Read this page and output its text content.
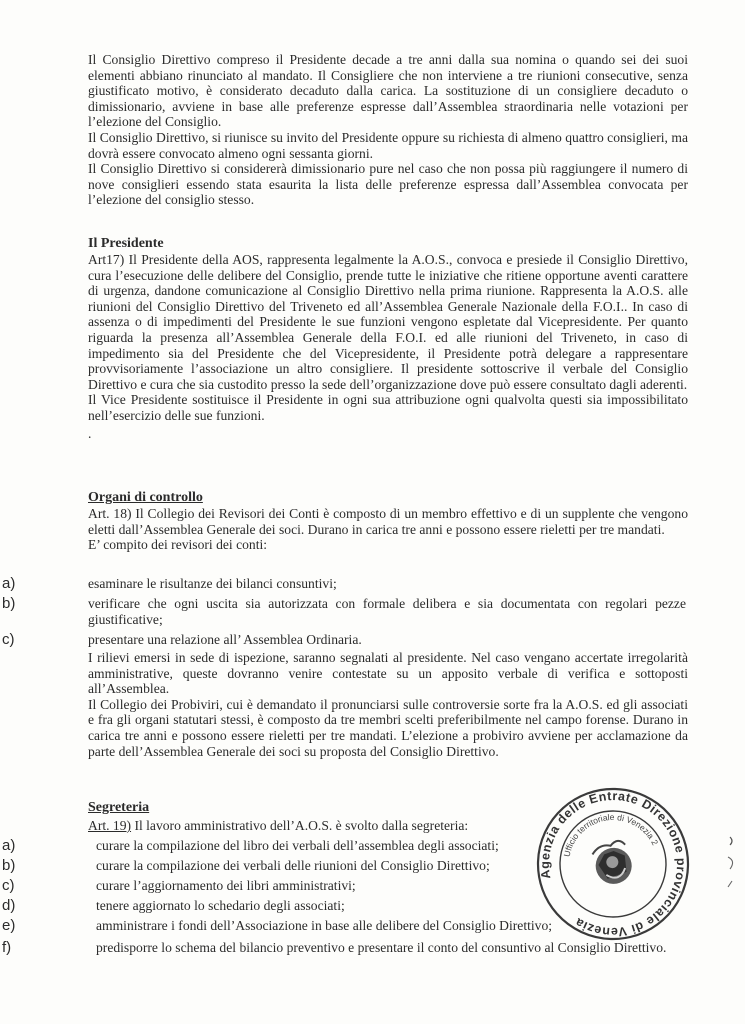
Il Consiglio Direttivo compreso il Presidente decade a tre anni dalla sua nomina o quando sei dei suoi elementi abbiano rinunciato al mandato. Il Consigliere che non interviene a tre riunioni consecutive, senza giustificato motivo, è considerato decaduto dalla carica. La sostituzione di un consigliere decaduto o dimissionario, avviene in base alle preferenze espresse dall’Assemblea straordinaria nelle votazioni per l’elezione del Consiglio.

Il Consiglio Direttivo, si riunisce su invito del Presidente oppure su richiesta di almeno quattro consiglieri, ma dovrà essere convocato almeno ogni sessanta giorni.

Il Consiglio Direttivo si considererà dimissionario pure nel caso che non possa più raggiungere il numero di nove consiglieri essendo stata esaurita la lista delle preferenze espressa dall’Assemblea convocata per l’elezione del consiglio stesso.

Il Presidente

Art17) Il Presidente della AOS, rappresenta legalmente la A.O.S., convoca e presiede il Consiglio Direttivo, cura l’esecuzione delle delibere del Consiglio, prende tutte le iniziative che ritiene opportune aventi carattere di urgenza, dandone comunicazione al Consiglio Direttivo nella prima riunione. Rappresenta la A.O.S. alle riunioni del Consiglio Direttivo del Triveneto ed all’Assemblea Generale Nazionale della F.O.I.. In caso di assenza o di impedimenti del Presidente le sue funzioni vengono espletate dal Vicepresidente. Per quanto riguarda la presenza all’Assemblea Generale della F.O.I. ed alle riunioni del Triveneto, in caso di impedimento sia del Presidente che del Vicepresidente, il Presidente potrà delegare a rappresentare provvisoriamente l’associazione un altro consigliere. Il presidente sottoscrive il verbale del Consiglio Direttivo e cura che sia custodito presso la sede dell’organizzazione dove può essere consultato dagli aderenti.

Il Vice Presidente sostituisce il Presidente in ogni sua attribuzione ogni qualvolta questi sia impossibilitato nell’esercizio delle sue funzioni.

.

Organi di controllo

Art. 18) Il Collegio dei Revisori dei Conti è composto di un membro effettivo e di un supplente che vengono eletti dall’Assemblea Generale dei soci. Durano in carica tre anni e possono essere rieletti per tre mandati.

E’ compito dei revisori dei conti:

a)	esaminare le risultanze dei bilanci consuntivi;
b)	verificare che ogni uscita sia autorizzata con formale delibera e sia documentata con regolari pezze giustificative;
c)	presentare una relazione all’ Assemblea Ordinaria.

I rilievi emersi in sede di ispezione, saranno segnalati al presidente. Nel caso vengano accertate irregolarità amministrative, queste dovranno venire contestate su un apposito verbale di verifica e sottoposti all’Assemblea.

Il Collegio dei Probiviri, cui è demandato il pronunciarsi sulle controversie sorte fra la A.O.S. ed gli associati e fra gli organi statutari stessi, è composto da tre membri scelti preferibilmente nel campo forense. Durano in carica tre anni e possono essere rieletti per tre mandati. L’elezione a probiviro avviene per acclamazione da parte dell’Assemblea Generale dei soci su proposta del Consiglio Direttivo.

Segreteria

Art. 19) Il lavoro amministrativo dell’A.O.S. è svolto dalla segreteria:

a)	curare la compilazione del libro dei verbali dell’assemblea degli associati;
b)	curare la compilazione dei verbali delle riunioni del Consiglio Direttivo;
c)	curare l’aggiornamento dei libri amministrativi;
d)	tenere aggiornato lo schedario degli associati;
e)	amministrare i fondi dell’Associazione in base alle delibere del Consiglio Direttivo;
f)	predisporre lo schema del bilancio preventivo e presentare il conto del consuntivo al Consiglio Direttivo.
Agenzia delle Entrate Direzione provinciale di Venezia
Ufficio territoriale di Venezia 2
